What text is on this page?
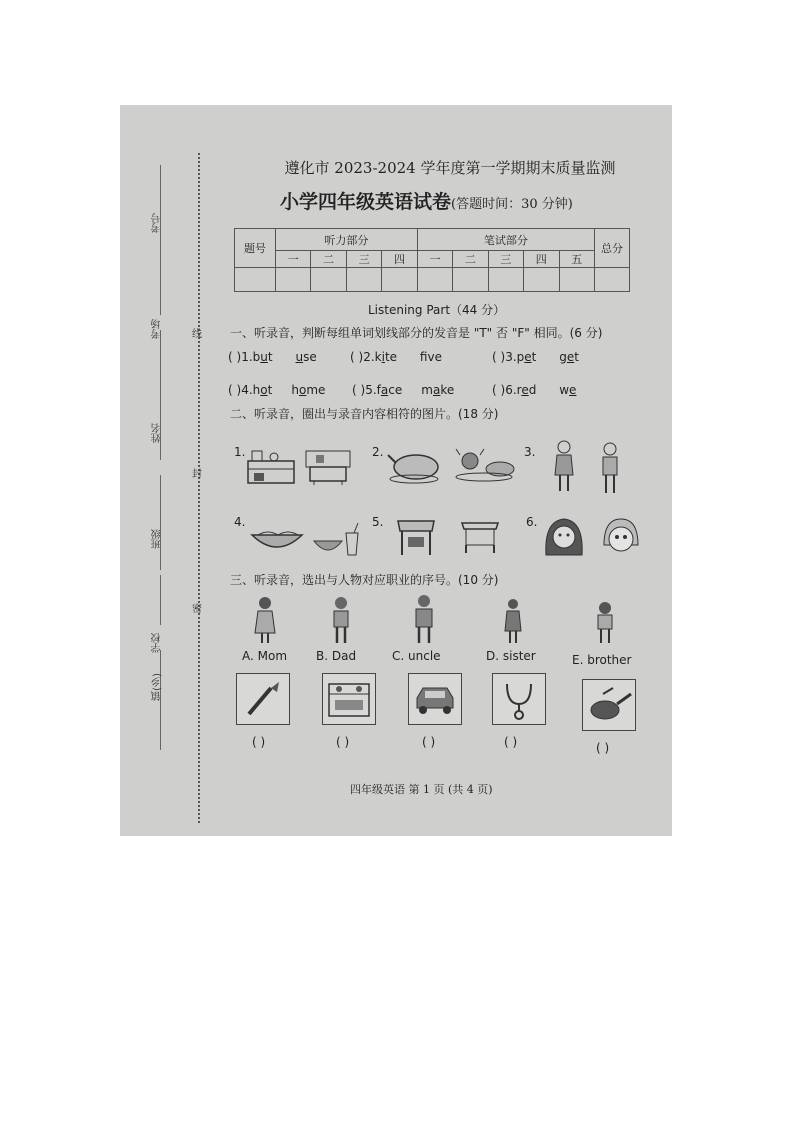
考号
考场
姓名
班级
学校
镇(乡)
线
封
密
遵化市 2023-2024 学年度第一学期期末质量监测
小学四年级英语试卷(答题时间：30 分钟)
题号	听力部分				笔试部分					总分
	一	二	三	四	一	二	三	四	五	

Listening Part（44 分）
一、听录音，判断每组单词划线部分的发音是 "T" 否 "F" 相同。(6 分)
( )1.but use	( )2.kite fve	( )3.pet get
( )4.hot home ( )5.face make	( )6.red we
二、听录音，圈出与录音内容相符的图片。(18 分)
1.	2.	3.
4.	5.	6.
三、听录音，选出与人物对应职业的序号。(10 分)
A. Mom B. Dad	C. uncle	D. sister	E. brother
( )	( )	( )	( )	( )
四年级英语 第 1 页 (共 4 页)
